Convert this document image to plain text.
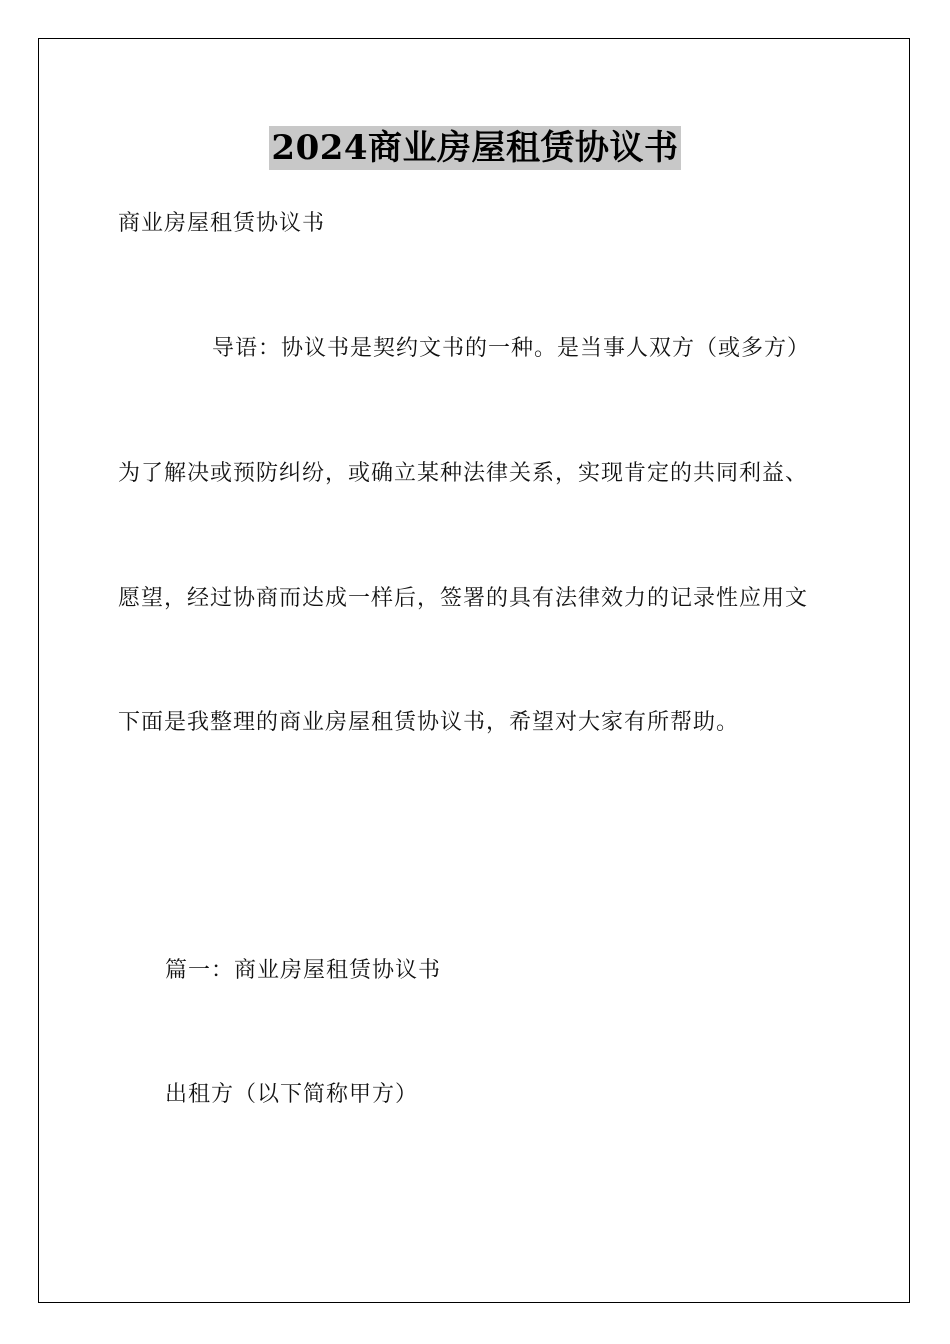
2024商业房屋租赁协议书
商业房屋租赁协议书
导语：协议书是契约文书的一种。是当事人双方（或多方）
为了解决或预防纠纷，或确立某种法律关系，实现肯定的共同利益、
愿望，经过协商而达成一样后，签署的具有法律效力的记录性应用文
下面是我整理的商业房屋租赁协议书，希望对大家有所帮助。
篇一：商业房屋租赁协议书
出租方（以下简称甲方）
